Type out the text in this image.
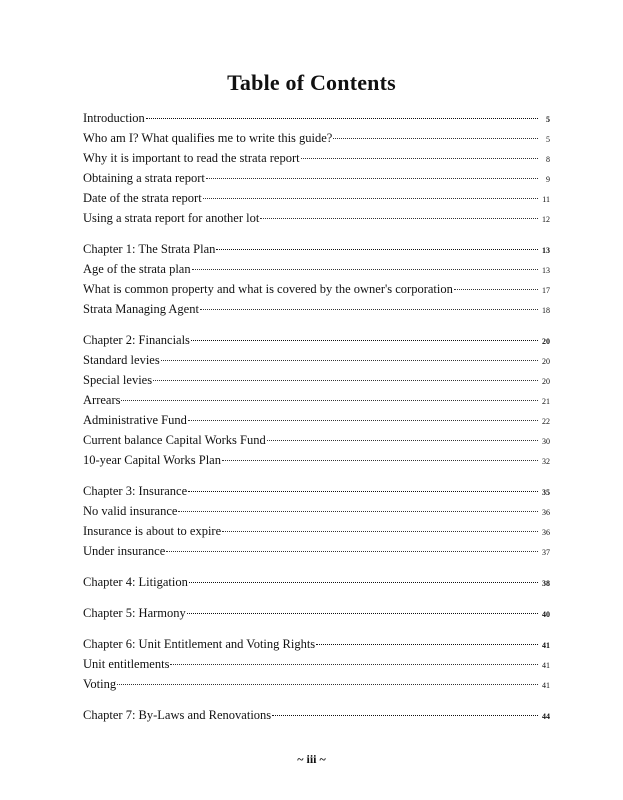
Table of Contents
Introduction	5
Who am I? What qualifies me to write this guide?	5
Why it is important to read the strata report	8
Obtaining a strata report	9
Date of the strata report	11
Using a strata report for another lot	12
Chapter 1: The Strata Plan	13
Age of the strata plan	13
What is common property and what is covered by the owner's corporation	17
Strata Managing Agent	18
Chapter 2: Financials	20
Standard levies	20
Special levies	20
Arrears	21
Administrative Fund	22
Current balance Capital Works Fund	30
10-year Capital Works Plan	32
Chapter 3: Insurance	35
No valid insurance	36
Insurance is about to expire	36
Under insurance	37
Chapter 4: Litigation	38
Chapter 5: Harmony	40
Chapter 6: Unit Entitlement and Voting Rights	41
Unit entitlements	41
Voting	41
Chapter 7: By-Laws and Renovations	44
~ iii ~
